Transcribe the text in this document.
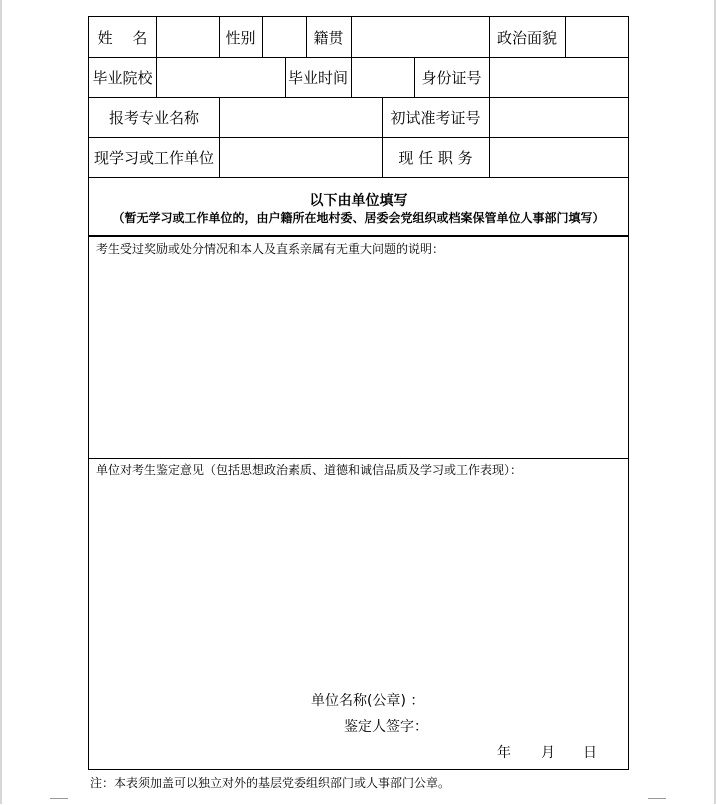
姓　 名	性别	籍贯	政治面貌
毕业院校	毕业时间	身份证号
报考专业名称	初试准考证号
现学习或工作单位	现 任 职 务
以下由单位填写
（暂无学习或工作单位的，由户籍所在地村委、居委会党组织或档案保管单位人事部门填写）
考生受过奖励或处分情况和本人及直系亲属有无重大问题的说明：
单位对考生鉴定意见（包括思想政治素质、道德和诚信品质及学习或工作表现）：
单位名称(公章) ：
鉴定人签字：
年 月 日
注：本表须加盖可以独立对外的基层党委组织部门或人事部门公章。
